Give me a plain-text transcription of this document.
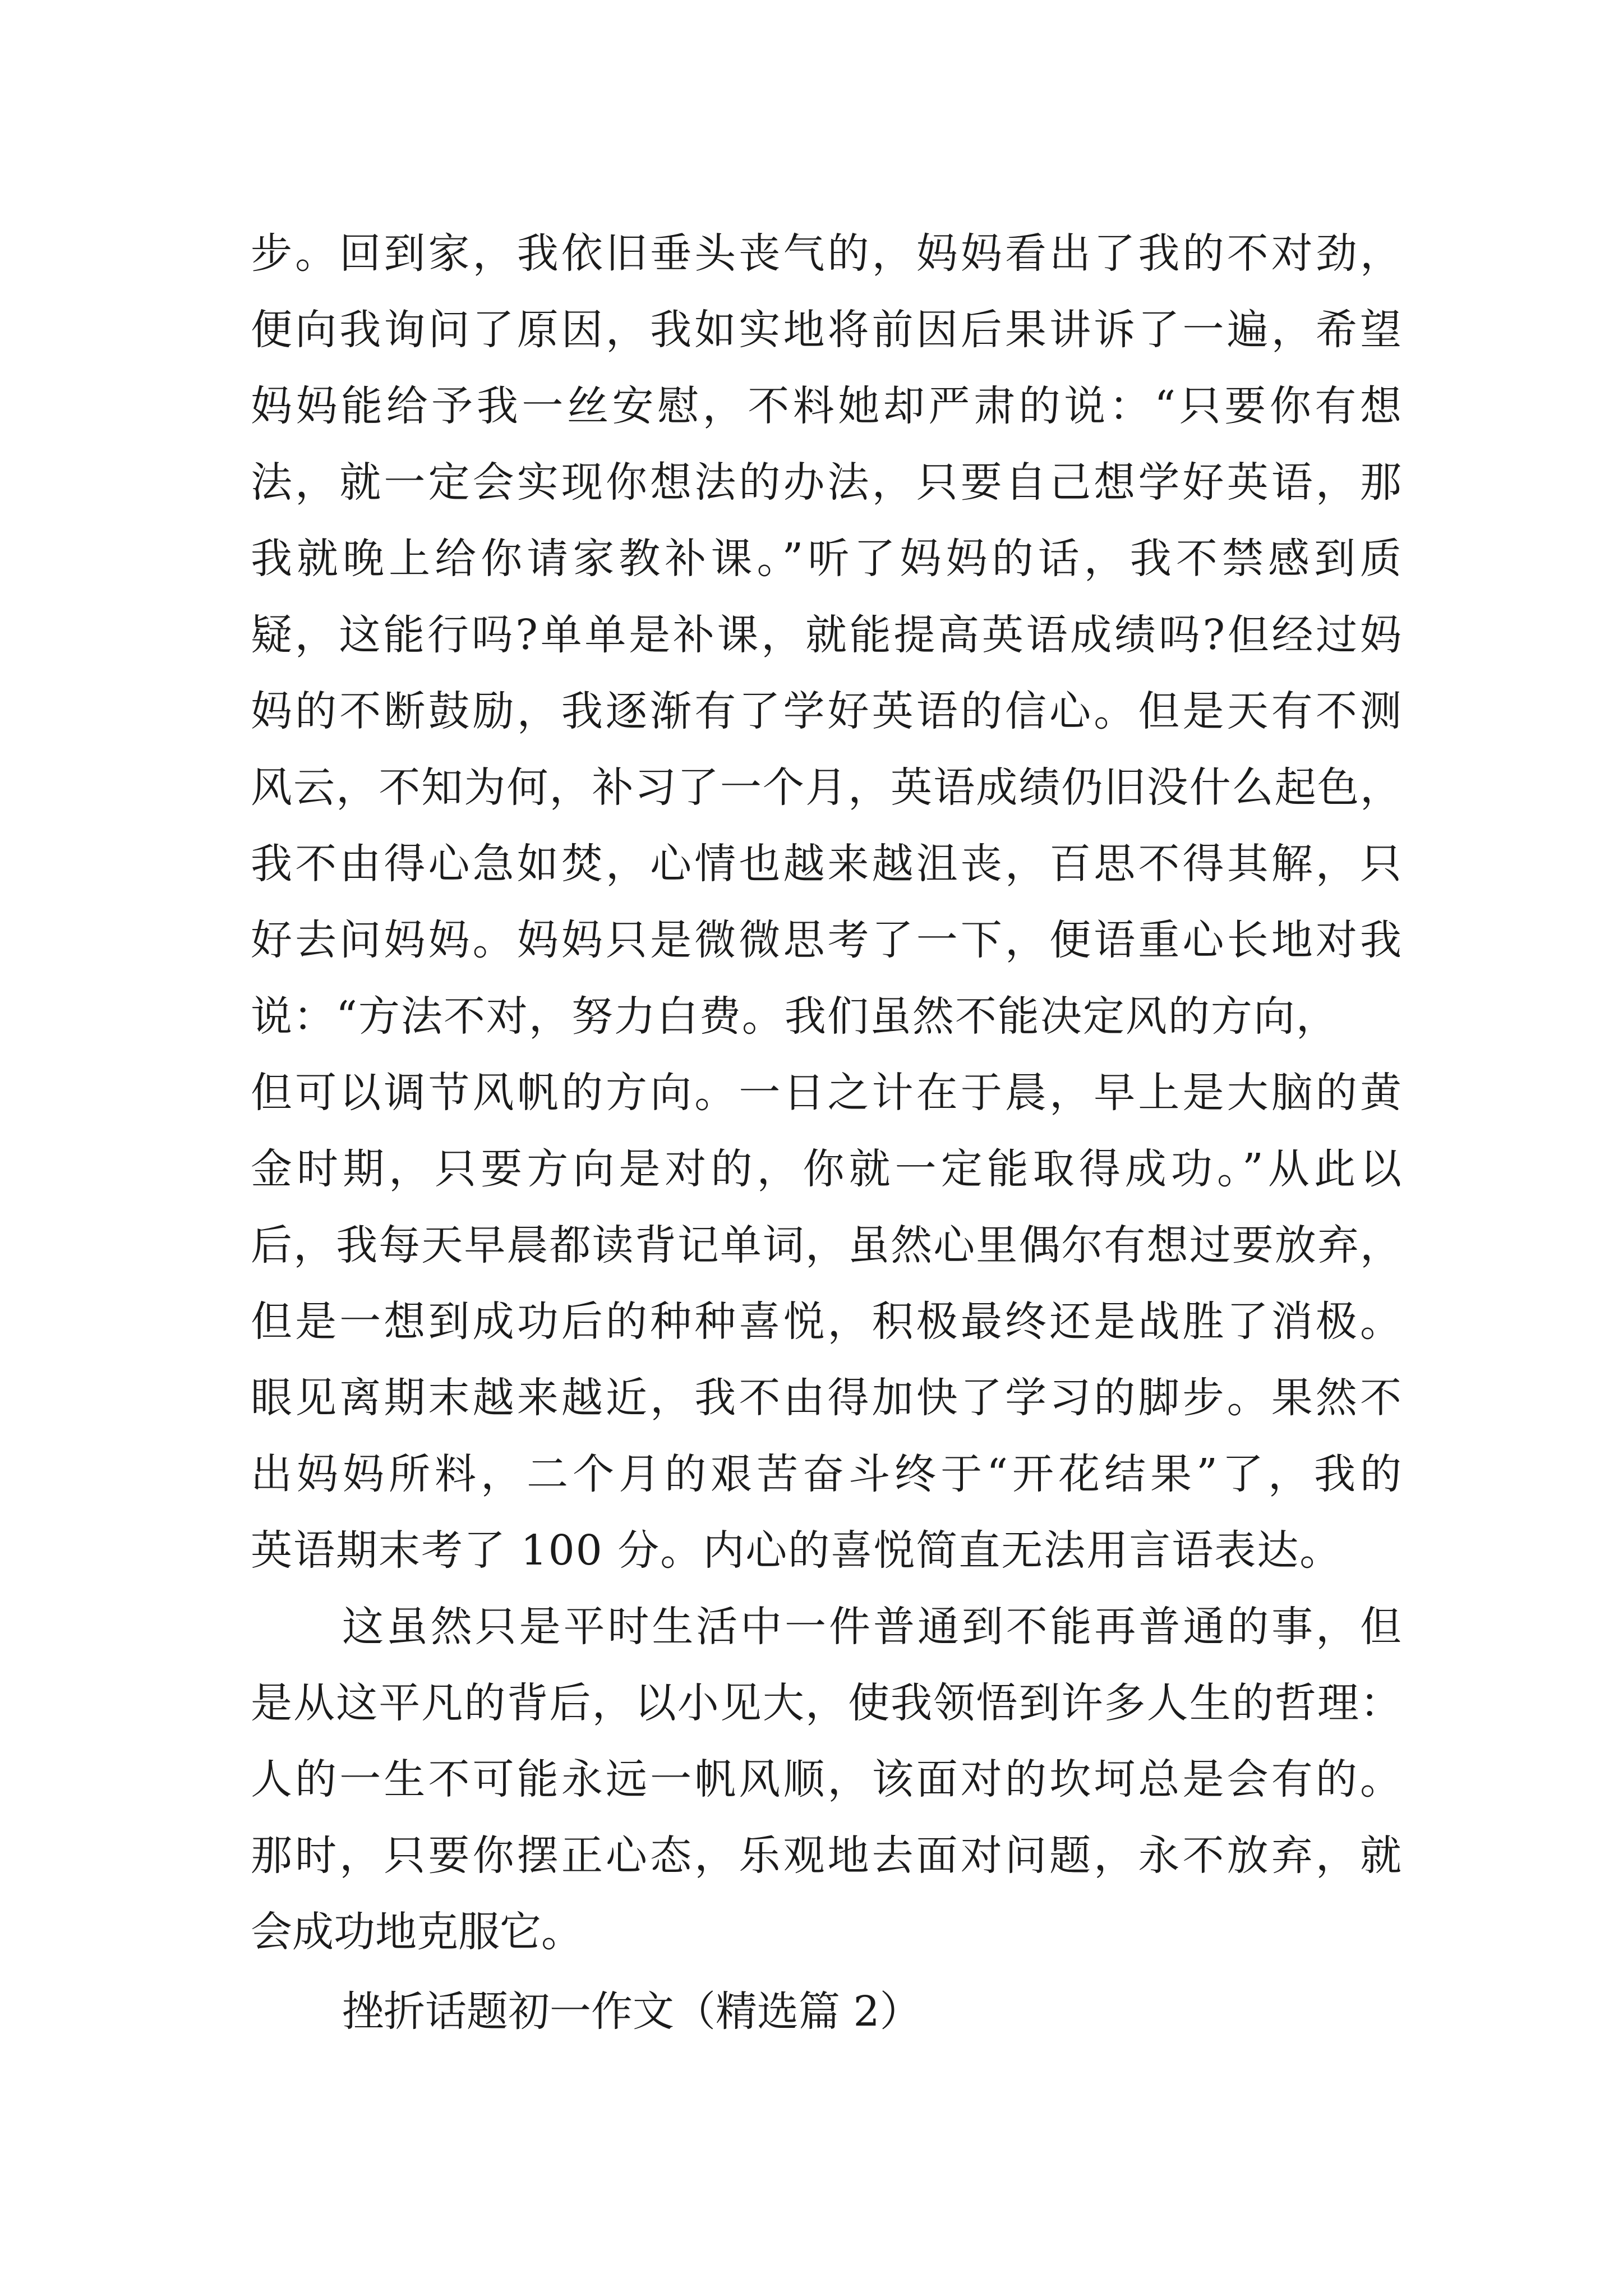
步。回到家，我依旧垂头丧气的，妈妈看出了我的不对劲，
便向我询问了原因，我如实地将前因后果讲诉了一遍，希望
妈妈能给予我一丝安慰，不料她却严肃的说：“只要你有想
法，就一定会实现你想法的办法，只要自己想学好英语，那
我就晚上给你请家教补课。”听了妈妈的话，我不禁感到质
疑，这能行吗?单单是补课，就能提高英语成绩吗?但经过妈
妈的不断鼓励，我逐渐有了学好英语的信心。但是天有不测
风云，不知为何，补习了一个月，英语成绩仍旧没什么起色，
我不由得心急如焚，心情也越来越沮丧，百思不得其解，只
好去问妈妈。妈妈只是微微思考了一下，便语重心长地对我
说：“方法不对，努力白费。我们虽然不能决定风的方向，
但可以调节风帆的方向。一日之计在于晨，早上是大脑的黄
金时期，只要方向是对的，你就一定能取得成功。”从此以
后，我每天早晨都读背记单词，虽然心里偶尔有想过要放弃，
但是一想到成功后的种种喜悦，积极最终还是战胜了消极。
眼见离期末越来越近，我不由得加快了学习的脚步。果然不
出妈妈所料，二个月的艰苦奋斗终于“开花结果”了，我的
英语期末考了 100 分。内心的喜悦简直无法用言语表达。
这虽然只是平时生活中一件普通到不能再普通的事，但
是从这平凡的背后，以小见大，使我领悟到许多人生的哲理：
人的一生不可能永远一帆风顺，该面对的坎坷总是会有的。
那时，只要你摆正心态，乐观地去面对问题，永不放弃，就
会成功地克服它。
挫折话题初一作文（精选篇 2）
